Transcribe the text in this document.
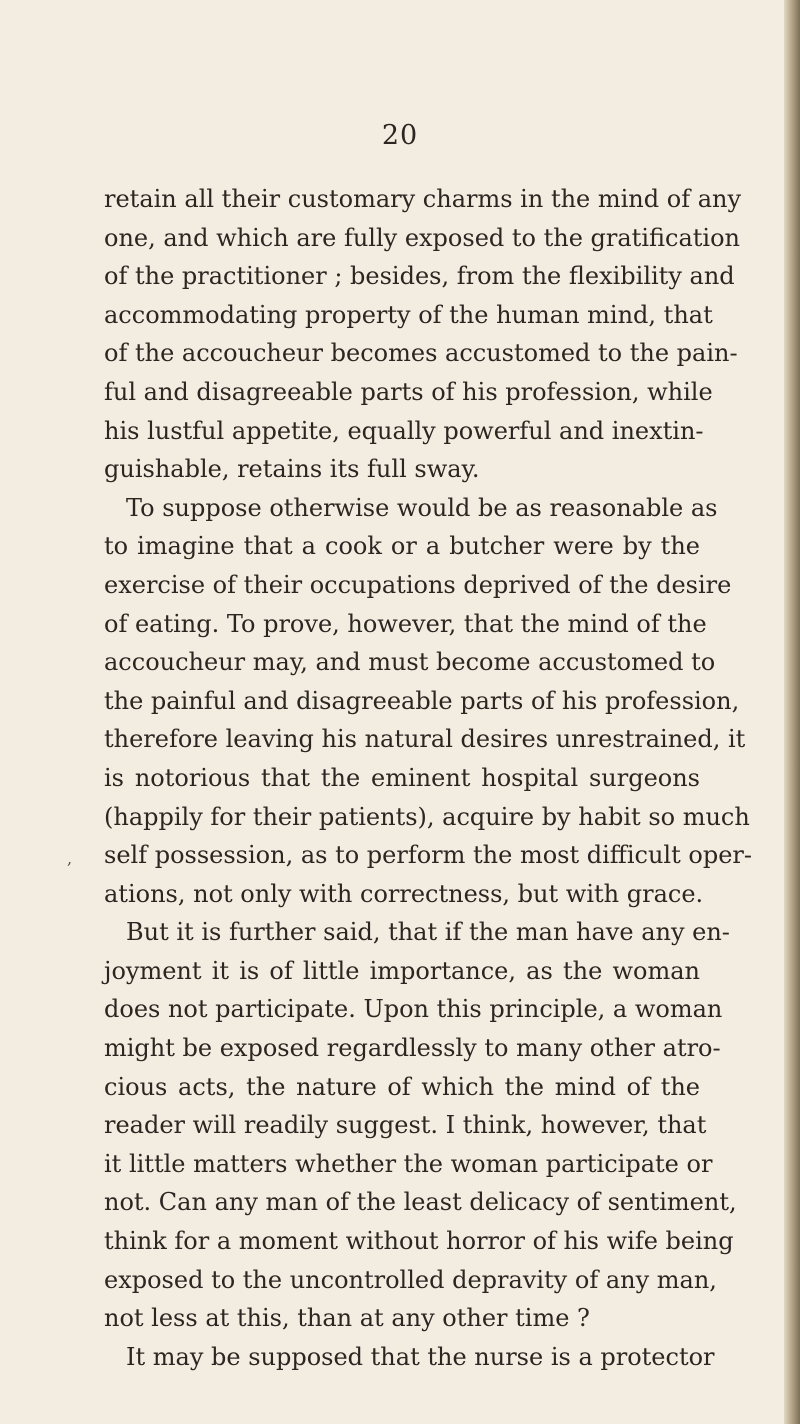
20
,
retain all their customary charms in the mind of any
one, and which are fully exposed to the gratification
of the practitioner ; besides, from the flexibility and
accommodating property of the human mind, that
of the accoucheur becomes accustomed to the pain-
ful and disagreeable parts of his profession, while
his lustful appetite, equally powerful and inextin-
guishable, retains its full sway.
To suppose otherwise would be as reasonable as
to imagine that a cook or a butcher were by the
exercise of their occupations deprived of the desire
of eating. To prove, however, that the mind of the
accoucheur may, and must become accustomed to
the painful and disagreeable parts of his profession,
therefore leaving his natural desires unrestrained, it
is notorious that the eminent hospital surgeons
(happily for their patients), acquire by habit so much
self possession, as to perform the most difficult oper-
ations, not only with correctness, but with grace.
But it is further said, that if the man have any en-
joyment it is of little importance, as the woman
does not participate. Upon this principle, a woman
might be exposed regardlessly to many other atro-
cious acts, the nature of which the mind of the
reader will readily suggest. I think, however, that
it little matters whether the woman participate or
not. Can any man of the least delicacy of sentiment,
think for a moment without horror of his wife being
exposed to the uncontrolled depravity of any man,
not less at this, than at any other time ?
It may be supposed that the nurse is a protector
